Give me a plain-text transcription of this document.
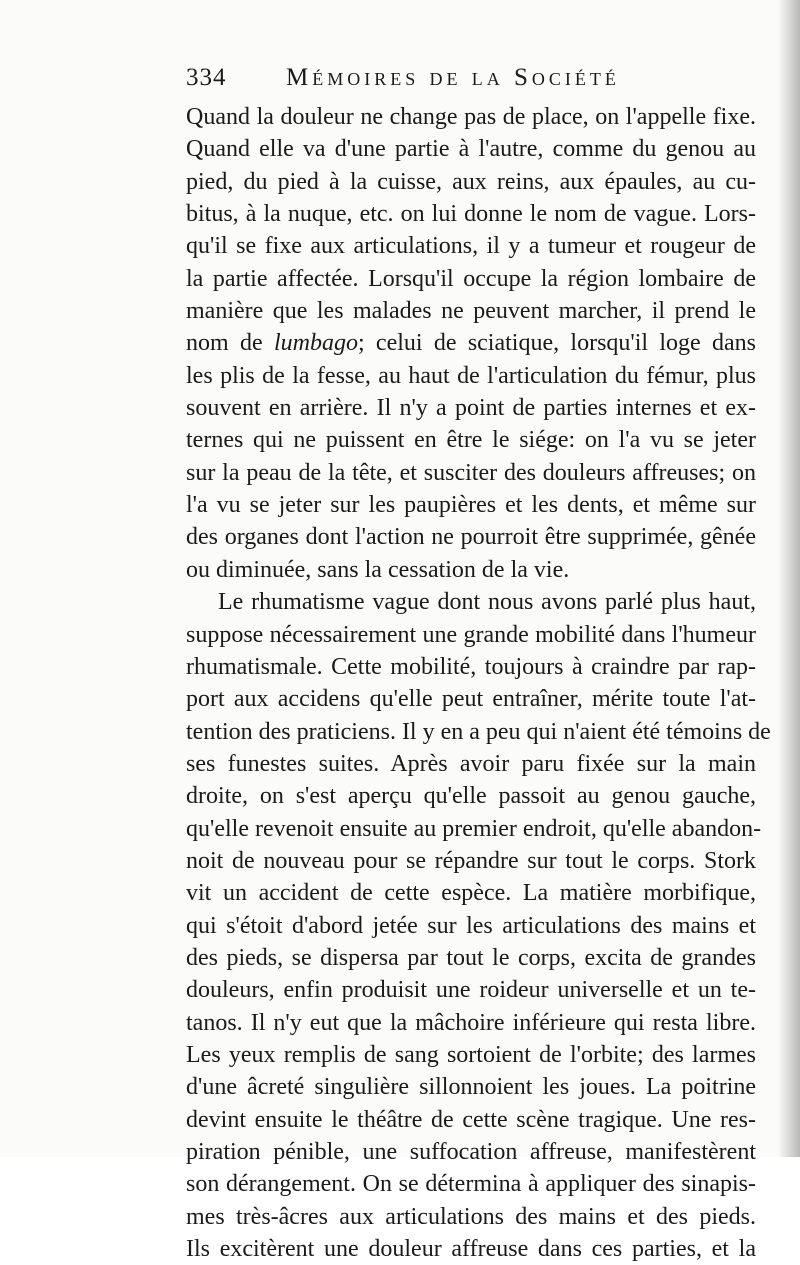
334 Mémoires de la Société
Quand la douleur ne change pas de place, on l'appelle fixe.
Quand elle va d'une partie à l'autre, comme du genou au
pied, du pied à la cuisse, aux reins, aux épaules, au cu-
bitus, à la nuque, etc. on lui donne le nom de vague. Lors-
qu'il se fixe aux articulations, il y a tumeur et rougeur de
la partie affectée. Lorsqu'il occupe la région lombaire de
manière que les malades ne peuvent marcher, il prend le
nom de lumbago; celui de sciatique, lorsqu'il loge dans
les plis de la fesse, au haut de l'articulation du fémur, plus
souvent en arrière. Il n'y a point de parties internes et ex-
ternes qui ne puissent en être le siége: on l'a vu se jeter
sur la peau de la tête, et susciter des douleurs affreuses; on
l'a vu se jeter sur les paupières et les dents, et même sur
des organes dont l'action ne pourroit être supprimée, gênée
ou diminuée, sans la cessation de la vie.
Le rhumatisme vague dont nous avons parlé plus haut,
suppose nécessairement une grande mobilité dans l'humeur
rhumatismale. Cette mobilité, toujours à craindre par rap-
port aux accidens qu'elle peut entraîner, mérite toute l'at-
tention des praticiens. Il y en a peu qui n'aient été témoins de
ses funestes suites. Après avoir paru fixée sur la main
droite, on s'est aperçu qu'elle passoit au genou gauche,
qu'elle revenoit ensuite au premier endroit, qu'elle abandon-
noit de nouveau pour se répandre sur tout le corps. Stork
vit un accident de cette espèce. La matière morbifique,
qui s'étoit d'abord jetée sur les articulations des mains et
des pieds, se dispersa par tout le corps, excita de grandes
douleurs, enfin produisit une roideur universelle et un te-
tanos. Il n'y eut que la mâchoire inférieure qui resta libre.
Les yeux remplis de sang sortoient de l'orbite; des larmes
d'une âcreté singulière sillonnoient les joues. La poitrine
devint ensuite le théâtre de cette scène tragique. Une res-
piration pénible, une suffocation affreuse, manifestèrent
son dérangement. On se détermina à appliquer des sinapis-
mes très-âcres aux articulations des mains et des pieds.
Ils excitèrent une douleur affreuse dans ces parties, et la
